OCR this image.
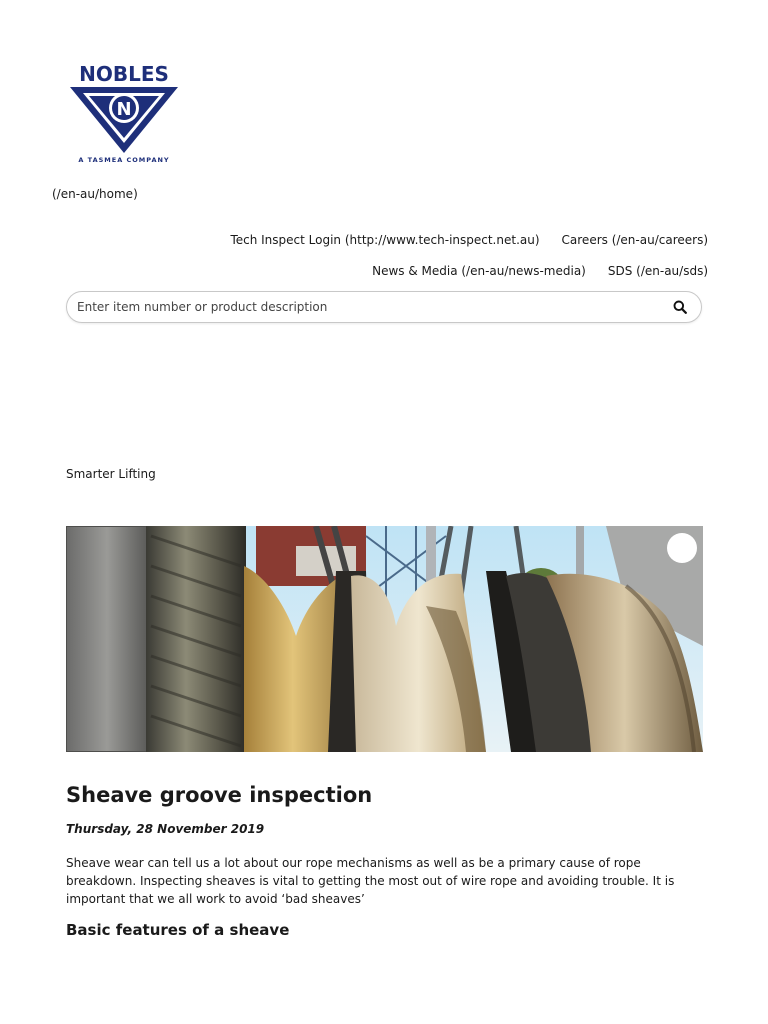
NOBLES
N
A TASMEA COMPANY
(/en-au/home)
Tech Inspect Login (http://www.tech-inspect.net.au) Careers (/en-au/careers)
News & Media (/en-au/news-media) SDS (/en-au/sds)
Enter item number or product description
Smarter Lifting
Sheave groove inspection
Thursday, 28 November 2019

Sheave wear can tell us a lot about our rope mechanisms as well as be a primary cause of rope breakdown. Inspecting sheaves is vital to getting the most out of wire rope and avoiding trouble. It is important that we all work to avoid ‘bad sheaves’

Basic features of a sheave
